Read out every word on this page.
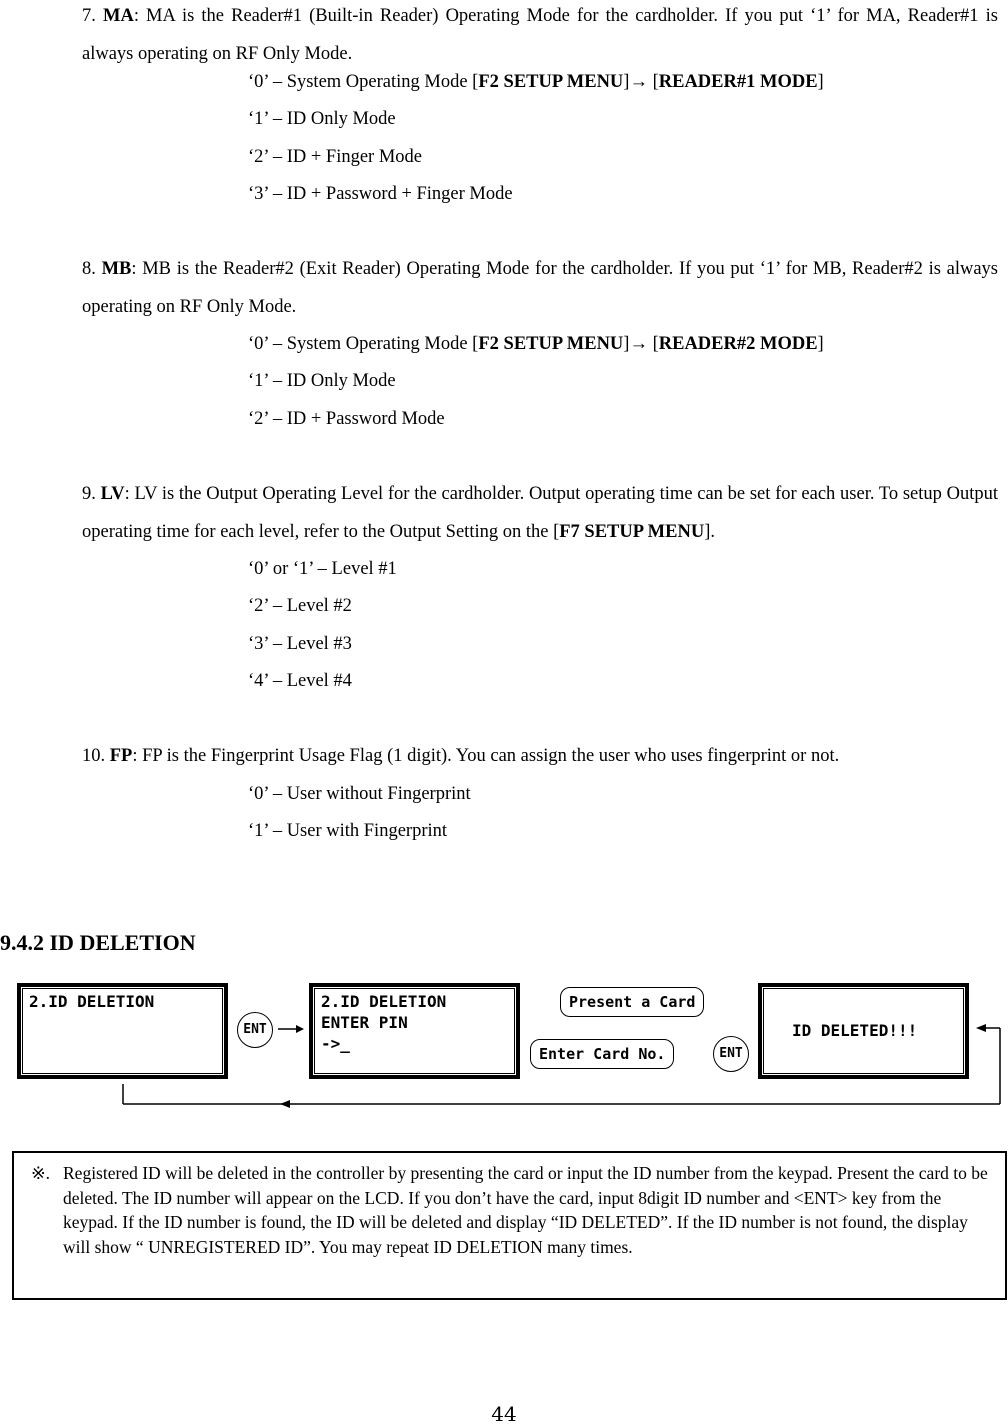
7. MA: MA is the Reader#1 (Built-in Reader) Operating Mode for the cardholder. If you put ‘1’ for MA, Reader#1 is always operating on RF Only Mode.
‘0’ – System Operating Mode [F2 SETUP MENU]→ [READER#1 MODE]
‘1’ – ID Only Mode
‘2’ – ID + Finger Mode
‘3’ – ID + Password + Finger Mode
8. MB: MB is the Reader#2 (Exit Reader) Operating Mode for the cardholder. If you put ‘1’ for MB, Reader#2 is always operating on RF Only Mode.
‘0’ – System Operating Mode [F2 SETUP MENU]→ [READER#2 MODE]
‘1’ – ID Only Mode
‘2’ – ID + Password Mode
9. LV: LV is the Output Operating Level for the cardholder. Output operating time can be set for each user. To setup Output operating time for each level, refer to the Output Setting on the [F7 SETUP MENU].
‘0’ or ‘1’ – Level #1
‘2’ – Level #2
‘3’ – Level #3
‘4’ – Level #4
10. FP: FP is the Fingerprint Usage Flag (1 digit). You can assign the user who uses fingerprint or not.
‘0’ – User without Fingerprint
‘1’ – User with Fingerprint
9.4.2 ID DELETION
2.ID DELETION
ENT
2.ID DELETION
ENTER PIN
->_
Present a Card
Enter Card No.	ENT
ID DELETED!!!
※. Registered ID will be deleted in the controller by presenting the card or input the ID number from the keypad. Present the card to be deleted. The ID number will appear on the LCD. If you don’t have the card, input 8digit ID number and <ENT> key from the keypad. If the ID number is found, the ID will be deleted and display “ID DELETED”. If the ID number is not found, the display will show “ UNREGISTERED ID”. You may repeat ID DELETION many times.
44
